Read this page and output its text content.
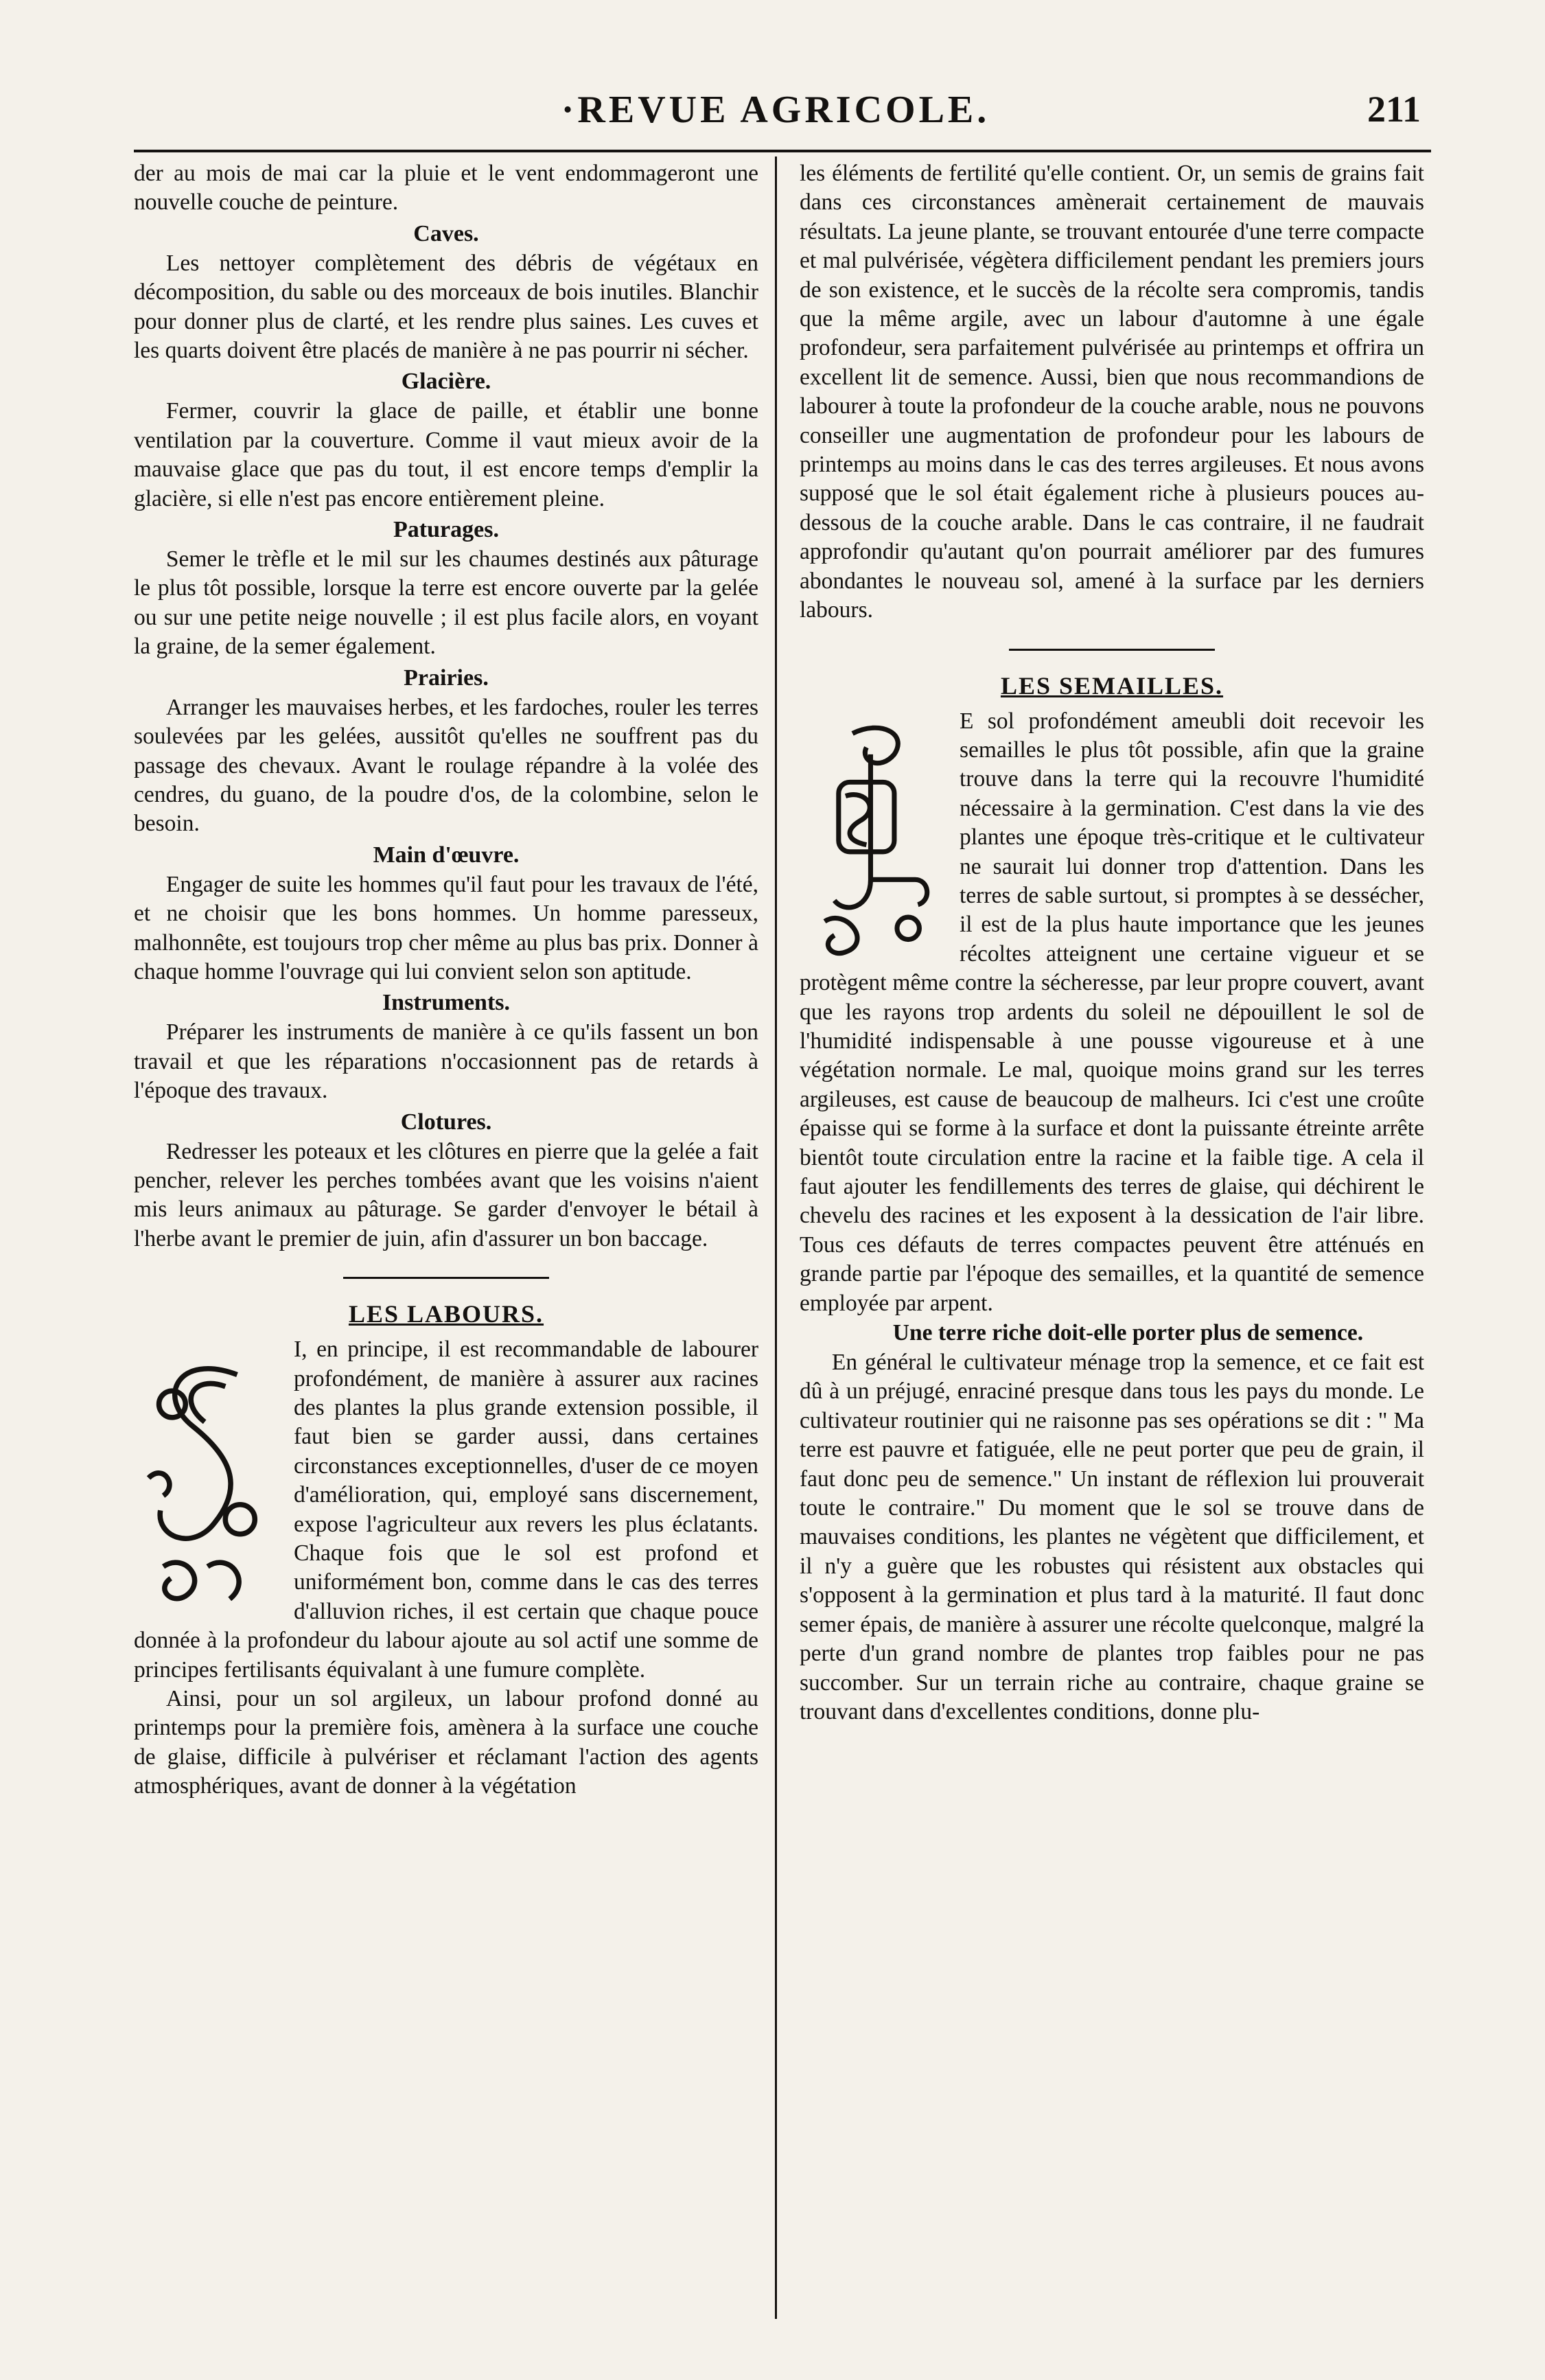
·REVUE AGRICOLE.	211

der au mois de mai car la pluie et le vent endommageront une nouvelle couche de peinture.

Caves.

Les nettoyer complètement des débris de végétaux en décomposition, du sable ou des morceaux de bois inutiles. Blanchir pour donner plus de clarté, et les rendre plus saines. Les cuves et les quarts doivent être placés de manière à ne pas pourrir ni sécher.

Glacière.

Fermer, couvrir la glace de paille, et établir une bonne ventilation par la couverture. Comme il vaut mieux avoir de la mauvaise glace que pas du tout, il est encore temps d'emplir la glacière, si elle n'est pas encore entièrement pleine.

Paturages.

Semer le trèfle et le mil sur les chaumes destinés aux pâturage le plus tôt possible, lorsque la terre est encore ouverte par la gelée ou sur une petite neige nouvelle ; il est plus facile alors, en voyant la graine, de la semer également.

Prairies.

Arranger les mauvaises herbes, et les fardoches, rouler les terres soulevées par les gelées, aussitôt qu'elles ne souffrent pas du passage des chevaux. Avant le roulage répandre à la volée des cendres, du guano, de la poudre d'os, de la colombine, selon le besoin.

Main d'œuvre.

Engager de suite les hommes qu'il faut pour les travaux de l'été, et ne choisir que les bons hommes. Un homme paresseux, malhonnête, est toujours trop cher même au plus bas prix. Donner à chaque homme l'ouvrage qui lui convient selon son aptitude.

Instruments.

Préparer les instruments de manière à ce qu'ils fassent un bon travail et que les réparations n'occasionnent pas de retards à l'époque des travaux.

Clotures.

Redresser les poteaux et les clôtures en pierre que la gelée a fait pencher, relever les perches tombées avant que les voisins n'aient mis leurs animaux au pâturage. Se garder d'envoyer le bétail à l'herbe avant le premier de juin, afin d'assurer un bon baccage.

LES LABOURS.

I, en principe, il est recommandable de labourer profondément, de manière à assurer aux racines des plantes la plus grande extension possible, il faut bien se garder aussi, dans certaines circonstances exceptionnelles, d'user de ce moyen d'amélioration, qui, employé sans discernement, expose l'agriculteur aux revers les plus éclatants. Chaque fois que le sol est profond et uniformément bon, comme dans le cas des terres d'alluvion riches, il est certain que chaque pouce donnée à la profondeur du labour ajoute au sol actif une somme de principes fertilisants équivalant à une fumure complète.

Ainsi, pour un sol argileux, un labour profond donné au printemps pour la première fois, amènera à la surface une couche de glaise, difficile à pulvériser et réclamant l'action des agents atmosphériques, avant de donner à la végétation

les éléments de fertilité qu'elle contient. Or, un semis de grains fait dans ces circonstances amènerait certainement de mauvais résultats. La jeune plante, se trouvant entourée d'une terre compacte et mal pulvérisée, végètera difficilement pendant les premiers jours de son existence, et le succès de la récolte sera compromis, tandis que la même argile, avec un labour d'automne à une égale profondeur, sera parfaitement pulvérisée au printemps et offrira un excellent lit de semence. Aussi, bien que nous recommandions de labourer à toute la profondeur de la couche arable, nous ne pouvons conseiller une augmentation de profondeur pour les labours de printemps au moins dans le cas des terres argileuses. Et nous avons supposé que le sol était également riche à plusieurs pouces au-dessous de la couche arable. Dans le cas contraire, il ne faudrait approfondir qu'autant qu'on pourrait améliorer par des fumures abondantes le nouveau sol, amené à la surface par les derniers labours.

LES SEMAILLES.

E sol profondément ameubli doit recevoir les semailles le plus tôt possible, afin que la graine trouve dans la terre qui la recouvre l'humidité nécessaire à la germination. C'est dans la vie des plantes une époque très-critique et le cultivateur ne saurait lui donner trop d'attention. Dans les terres de sable surtout, si promptes à se dessécher, il est de la plus haute importance que les jeunes récoltes atteignent une certaine vigueur et se protègent même contre la sécheresse, par leur propre couvert, avant que les rayons trop ardents du soleil ne dépouillent le sol de l'humidité indispensable à une pousse vigoureuse et à une végétation normale. Le mal, quoique moins grand sur les terres argileuses, est cause de beaucoup de malheurs. Ici c'est une croûte épaisse qui se forme à la surface et dont la puissante étreinte arrête bientôt toute circulation entre la racine et la faible tige. A cela il faut ajouter les fendillements des terres de glaise, qui déchirent le chevelu des racines et les exposent à la dessication de l'air libre. Tous ces défauts de terres compactes peuvent être atténués en grande partie par l'époque des semailles, et la quantité de semence employée par arpent.

Une terre riche doit-elle porter plus de semence.

En général le cultivateur ménage trop la semence, et ce fait est dû à un préjugé, enraciné presque dans tous les pays du monde. Le cultivateur routinier qui ne raisonne pas ses opérations se dit : " Ma terre est pauvre et fatiguée, elle ne peut porter que peu de grain, il faut donc peu de semence." Un instant de réflexion lui prouverait toute le contraire." Du moment que le sol se trouve dans de mauvaises conditions, les plantes ne végètent que difficilement, et il n'y a guère que les robustes qui résistent aux obstacles qui s'opposent à la germination et plus tard à la maturité. Il faut donc semer épais, de manière à assurer une récolte quelconque, malgré la perte d'un grand nombre de plantes trop faibles pour ne pas succomber. Sur un terrain riche au contraire, chaque graine se trouvant dans d'excellentes conditions, donne plu-
